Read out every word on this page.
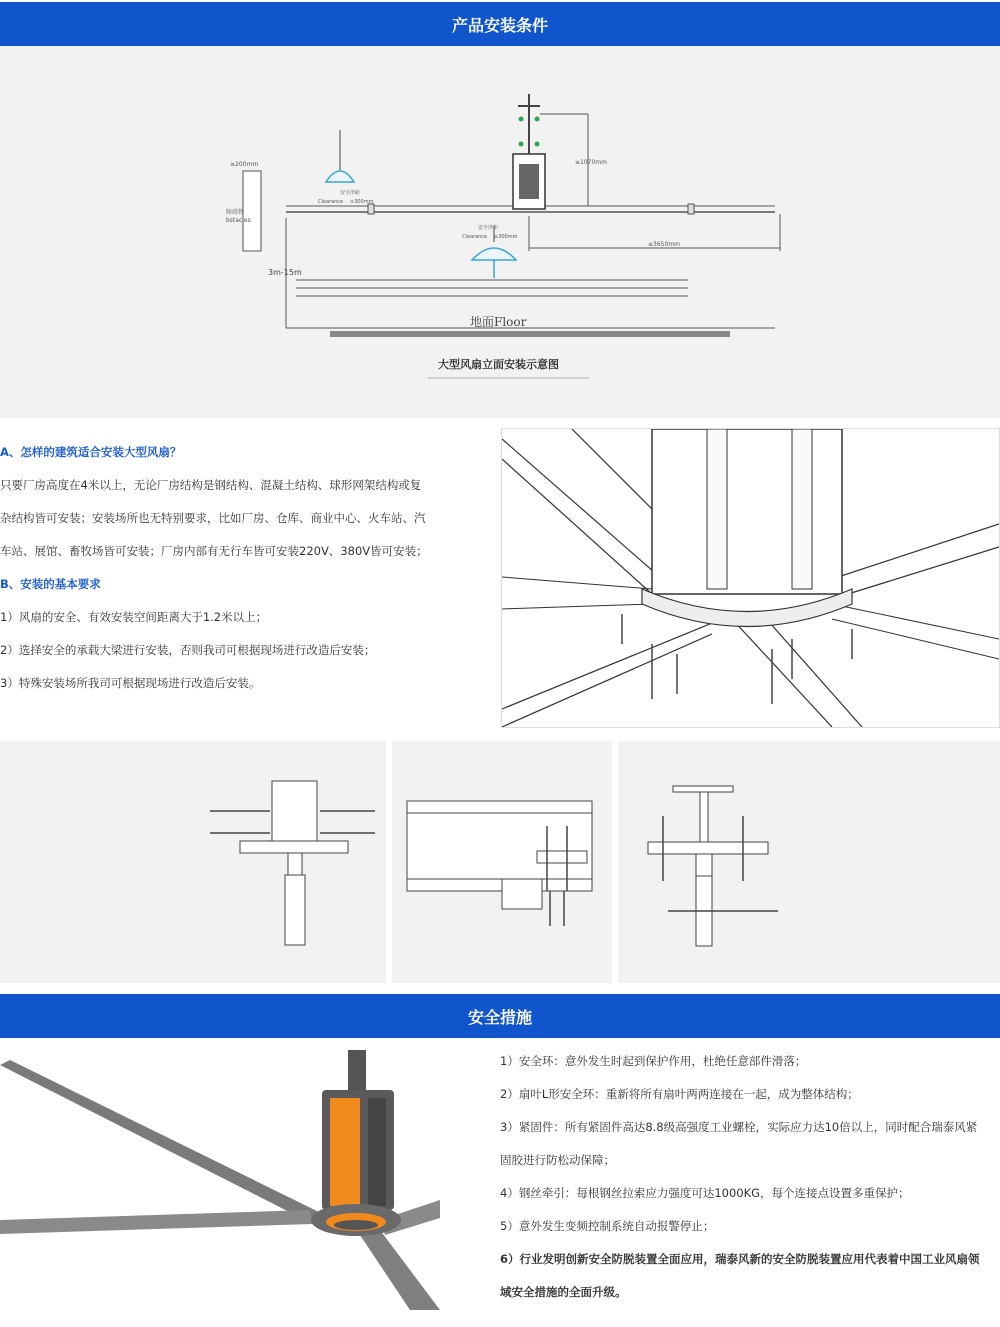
产品安装条件
≥200mm
障碍物
bstacles
3m-15m
≥1070mm
≤3650mm
安全净距
Clearance ≥300mm
安全净距
Clearance ≥300mm
地面Floor
大型风扇立面安装示意图
A、怎样的建筑适合安装大型风扇？
只要厂房高度在4米以上，无论厂房结构是钢结构、混凝土结构、球形网架结构或复
杂结构皆可安装；安装场所也无特别要求，比如厂房、仓库、商业中心、火车站、汽
车站、展馆、畜牧场皆可安装；厂房内部有无行车皆可安装220V、380V皆可安装；
B、安装的基本要求
1）风扇的安全、有效安装空间距离大于1.2米以上；
2）选择安全的承载大梁进行安装，否则我司可根据现场进行改造后安装；
3）特殊安装场所我司可根据现场进行改造后安装。
安全措施
1）安全环：意外发生时起到保护作用，杜绝任意部件滑落；
2）扇叶L形安全环：重新将所有扇叶两两连接在一起，成为整体结构；
3）紧固件：所有紧固件高达8.8级高强度工业螺栓，实际应力达10倍以上，同时配合瑞泰风紧
固胶进行防松动保障；
4）钢丝牵引：每根钢丝拉索应力强度可达1000KG，每个连接点设置多重保护；
5）意外发生变频控制系统自动报警停止；
6）行业发明创新安全防脱装置全面应用，瑞泰风新的安全防脱装置应用代表着中国工业风扇领
域安全措施的全面升级。
